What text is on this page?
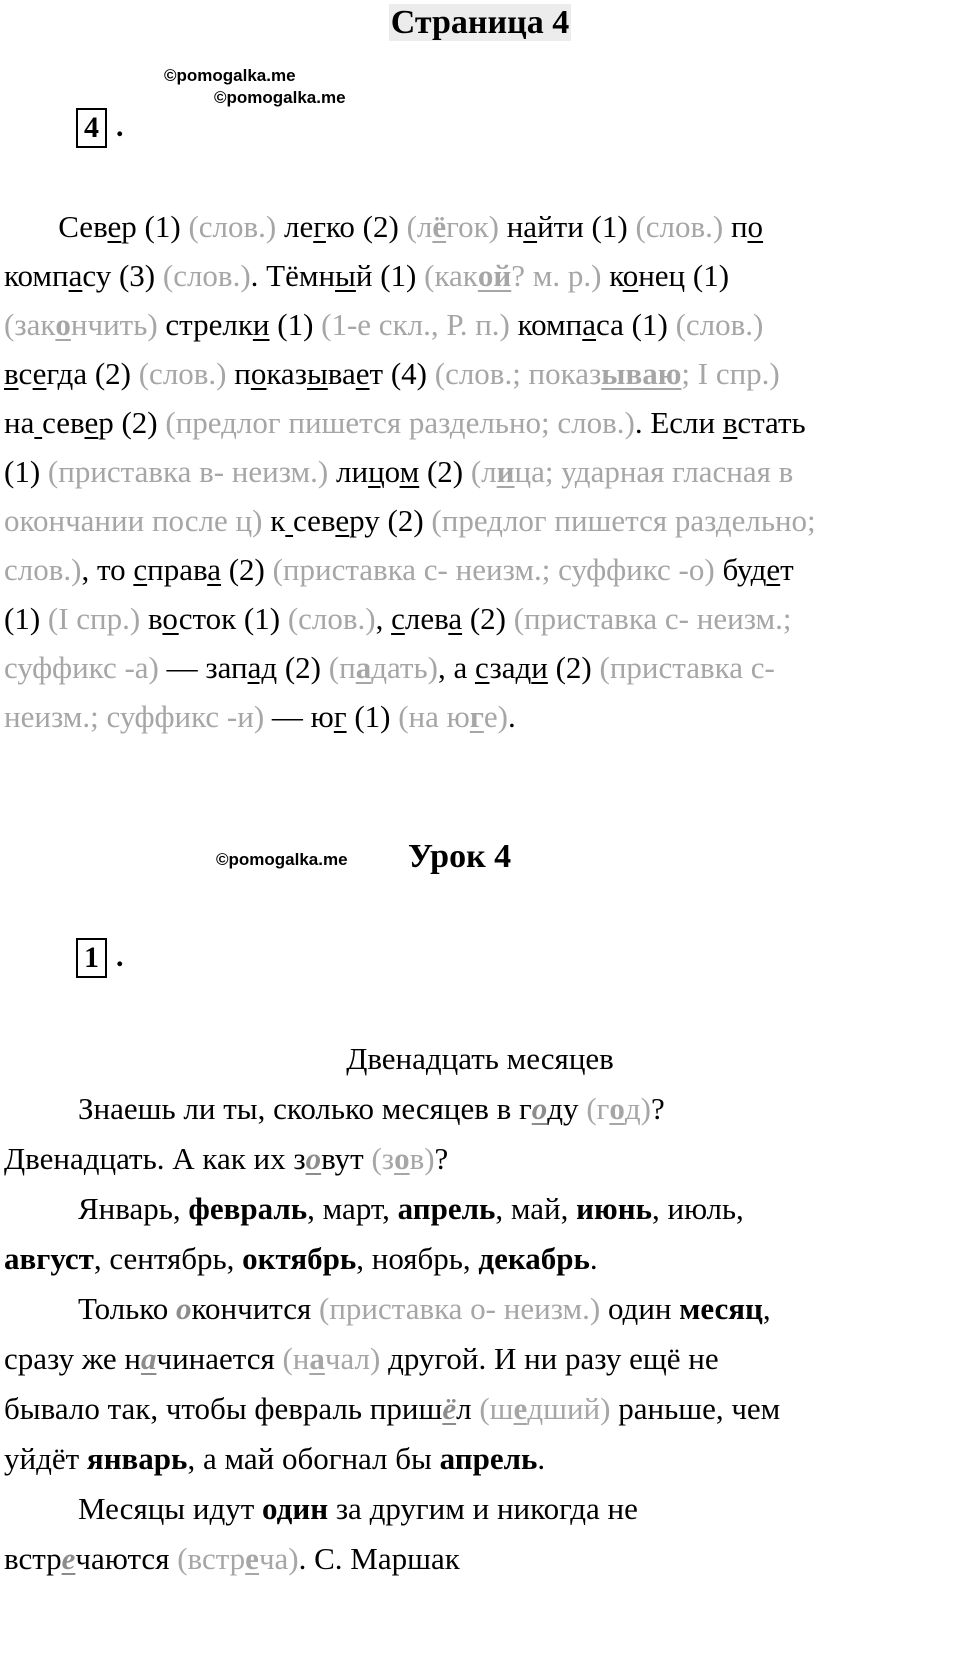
Страница 4
©pomogalka.me
©pomogalka.me
4 .
Север (1) (слов.) легко (2) (лёгок) найти (1) (слов.) по
компасу (3) (слов.). Тёмный (1) (какой? м. р.) конец (1)
(закончить) стрелки (1) (1-е скл., Р. п.) компаса (1) (слов.)
всегда (2) (слов.) показывает (4) (слов.; показываю; I спр.)
на север (2) (предлог пишется раздельно; слов.). Если встать
(1) (приставка в- неизм.) лицом (2) (лица; ударная гласная в
окончании после ц) к северу (2) (предлог пишется раздельно;
слов.), то справа (2) (приставка с- неизм.; суффикс -о) будет
(1) (I спр.) восток (1) (слов.), слева (2) (приставка с- неизм.;
суффикс -а) — запад (2) (падать), а сзади (2) (приставка с-
неизм.; суффикс -и) — юг (1) (на юге).
©pomogalka.me Урок 4
1 .
Двенадцать месяцев
Знаешь ли ты, сколько месяцев в году (год)?
Двенадцать. А как их зовут (зов)?
Январь, февраль, март, апрель, май, июнь, июль,
август, сентябрь, октябрь, ноябрь, декабрь.
Только окончится (приставка о- неизм.) один месяц,
сразу же начинается (начал) другой. И ни разу ещё не
бывало так, чтобы февраль пришёл (шедший) раньше, чем
уйдёт январь, а май обогнал бы апрель.
Месяцы идут один за другим и никогда не
встречаются (встреча). С. Маршак
